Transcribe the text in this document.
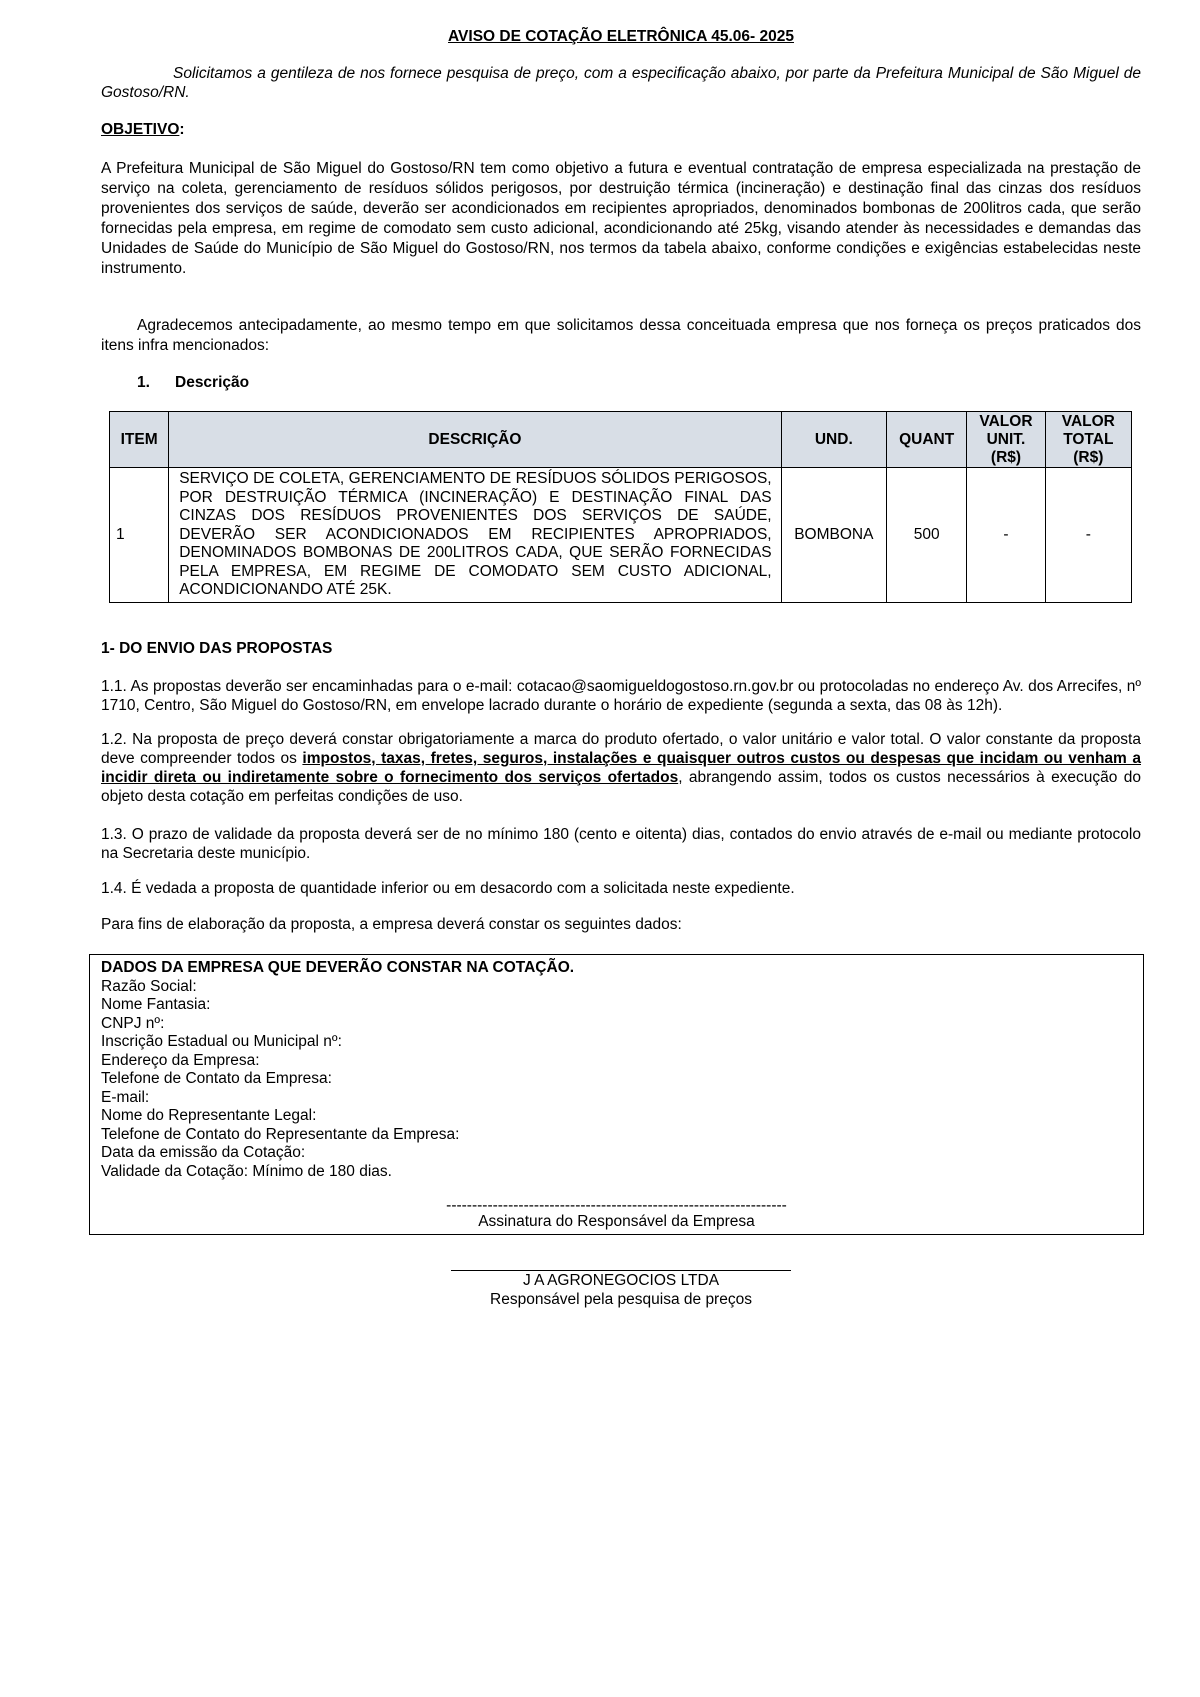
AVISO DE COTAÇÃO ELETRÔNICA 45.06- 2025
Solicitamos a gentileza de nos fornece pesquisa de preço, com a especificação abaixo, por parte da Prefeitura Municipal de São Miguel de Gostoso/RN.
OBJETIVO:
A Prefeitura Municipal de São Miguel do Gostoso/RN tem como objetivo a futura e eventual contratação de empresa especializada na prestação de serviço na coleta, gerenciamento de resíduos sólidos perigosos, por destruição térmica (incineração) e destinação final das cinzas dos resíduos provenientes dos serviços de saúde, deverão ser acondicionados em recipientes apropriados, denominados bombonas de 200litros cada, que serão fornecidas pela empresa, em regime de comodato sem custo adicional, acondicionando até 25kg, visando atender às necessidades e demandas das Unidades de Saúde do Município de São Miguel do Gostoso/RN, nos termos da tabela abaixo, conforme condições e exigências estabelecidas neste instrumento.
Agradecemos antecipadamente, ao mesmo tempo em que solicitamos dessa conceituada empresa que nos forneça os preços praticados dos itens infra mencionados:
1. Descrição
ITEM	DESCRIÇÃO	UND.	QUANT	VALOR UNIT. (R$)	VALOR TOTAL (R$)
1	SERVIÇO DE COLETA, GERENCIAMENTO DE RESÍDUOS SÓLIDOS PERIGOSOS, POR DESTRUIÇÃO TÉRMICA (INCINERAÇÃO) E DESTINAÇÃO FINAL DAS CINZAS DOS RESÍDUOS PROVENIENTES DOS SERVIÇOS DE SAÚDE, DEVERÃO SER ACONDICIONADOS EM RECIPIENTES APROPRIADOS, DENOMINADOS BOMBONAS DE 200LITROS CADA, QUE SERÃO FORNECIDAS PELA EMPRESA, EM REGIME DE COMODATO SEM CUSTO ADICIONAL, ACONDICIONANDO ATÉ 25K.	BOMBONA	500	-	-
1- DO ENVIO DAS PROPOSTAS
1.1. As propostas deverão ser encaminhadas para o e-mail: cotacao@saomigueldogostoso.rn.gov.br ou protocoladas no endereço Av. dos Arrecifes, nº 1710, Centro, São Miguel do Gostoso/RN, em envelope lacrado durante o horário de expediente (segunda a sexta, das 08 às 12h).
1.2. Na proposta de preço deverá constar obrigatoriamente a marca do produto ofertado, o valor unitário e valor total. O valor constante da proposta deve compreender todos os impostos, taxas, fretes, seguros, instalações e quaisquer outros custos ou despesas que incidam ou venham a incidir direta ou indiretamente sobre o fornecimento dos serviços ofertados, abrangendo assim, todos os custos necessários à execução do objeto desta cotação em perfeitas condições de uso.
1.3. O prazo de validade da proposta deverá ser de no mínimo 180 (cento e oitenta) dias, contados do envio através de e-mail ou mediante protocolo na Secretaria deste município.
1.4. É vedada a proposta de quantidade inferior ou em desacordo com a solicitada neste expediente.
Para fins de elaboração da proposta, a empresa deverá constar os seguintes dados:
DADOS DA EMPRESA QUE DEVERÃO CONSTAR NA COTAÇÃO.
Razão Social:
Nome Fantasia:
CNPJ nº:
Inscrição Estadual ou Municipal nº:
Endereço da Empresa:
Telefone de Contato da Empresa:
E-mail:
Nome do Representante Legal:
Telefone de Contato do Representante da Empresa:
Data da emissão da Cotação:
Validade da Cotação: Mínimo de 180 dias.
------------------------------------------------------------------
Assinatura do Responsável da Empresa
J A AGRONEGOCIOS LTDA
Responsável pela pesquisa de preços
